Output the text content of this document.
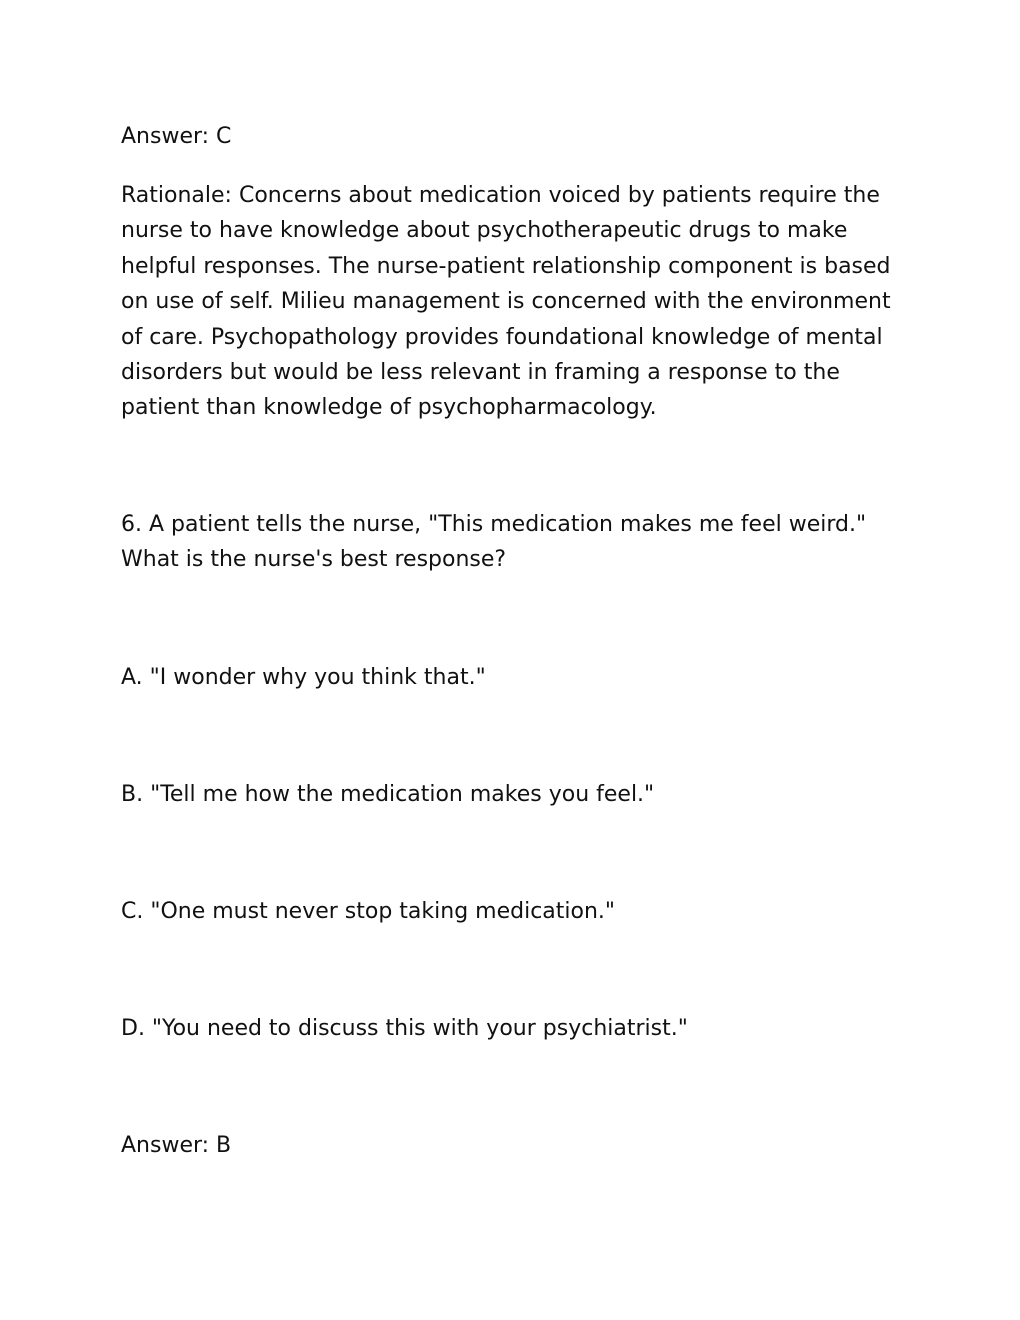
Answer: C
Rationale: Concerns about medication voiced by patients require the
nurse to have knowledge about psychotherapeutic drugs to make
helpful responses. The nurse-patient relationship component is based
on use of self. Milieu management is concerned with the environment
of care. Psychopathology provides foundational knowledge of mental
disorders but would be less relevant in framing a response to the
patient than knowledge of psychopharmacology.
6. A patient tells the nurse, "This medication makes me feel weird."
What is the nurse's best response?
A. "I wonder why you think that."
B. "Tell me how the medication makes you feel."
C. "One must never stop taking medication."
D. "You need to discuss this with your psychiatrist."
Answer: B
